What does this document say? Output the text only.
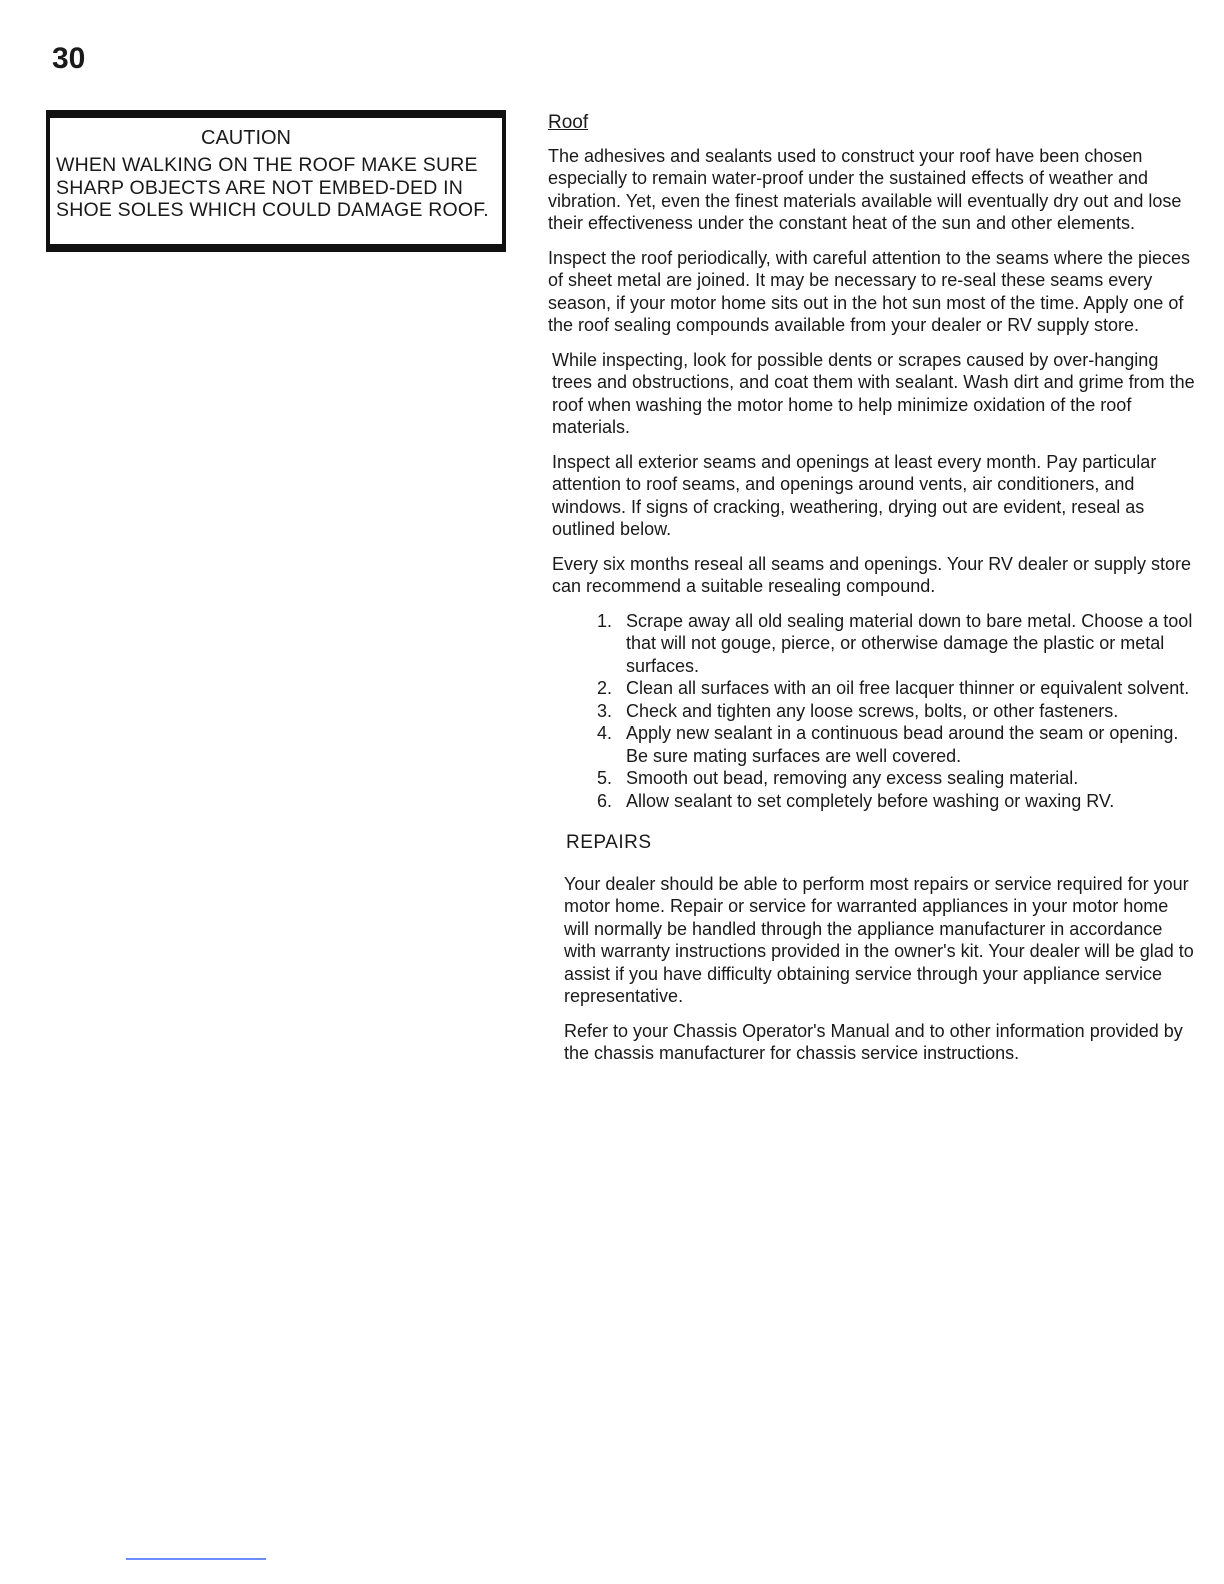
30
CAUTION
WHEN WALKING ON THE ROOF MAKE SURE SHARP OBJECTS ARE NOT EMBED-DED IN SHOE SOLES WHICH COULD DAMAGE ROOF.
Roof

The adhesives and sealants used to construct your roof have been chosen especially to remain water-proof under the sustained effects of weather and vibration. Yet, even the finest materials available will eventually dry out and lose their effectiveness under the constant heat of the sun and other elements.

Inspect the roof periodically, with careful attention to the seams where the pieces of sheet metal are joined. It may be necessary to re-seal these seams every season, if your motor home sits out in the hot sun most of the time. Apply one of the roof sealing compounds available from your dealer or RV supply store.

While inspecting, look for possible dents or scrapes caused by over-hanging trees and obstructions, and coat them with sealant. Wash dirt and grime from the roof when washing the motor home to help minimize oxidation of the roof materials.

Inspect all exterior seams and openings at least every month. Pay particular attention to roof seams, and openings around vents, air conditioners, and windows. If signs of cracking, weathering, drying out are evident, reseal as outlined below.

Every six months reseal all seams and openings. Your RV dealer or supply store can recommend a suitable resealing compound.

1. Scrape away all old sealing material down to bare metal. Choose a tool that will not gouge, pierce, or otherwise damage the plastic or metal surfaces.
2. Clean all surfaces with an oil free lacquer thinner or equivalent solvent.
3. Check and tighten any loose screws, bolts, or other fasteners.
4. Apply new sealant in a continuous bead around the seam or opening. Be sure mating surfaces are well covered.
5. Smooth out bead, removing any excess sealing material.
6. Allow sealant to set completely before washing or waxing RV.
REPAIRS

Your dealer should be able to perform most repairs or service required for your motor home. Repair or service for warranted appliances in your motor home will normally be handled through the appliance manufacturer in accordance with warranty instructions provided in the owner's kit. Your dealer will be glad to assist if you have difficulty obtaining service through your appliance service representative.

Refer to your Chassis Operator's Manual and to other information provided by the chassis manufacturer for chassis service instructions.
